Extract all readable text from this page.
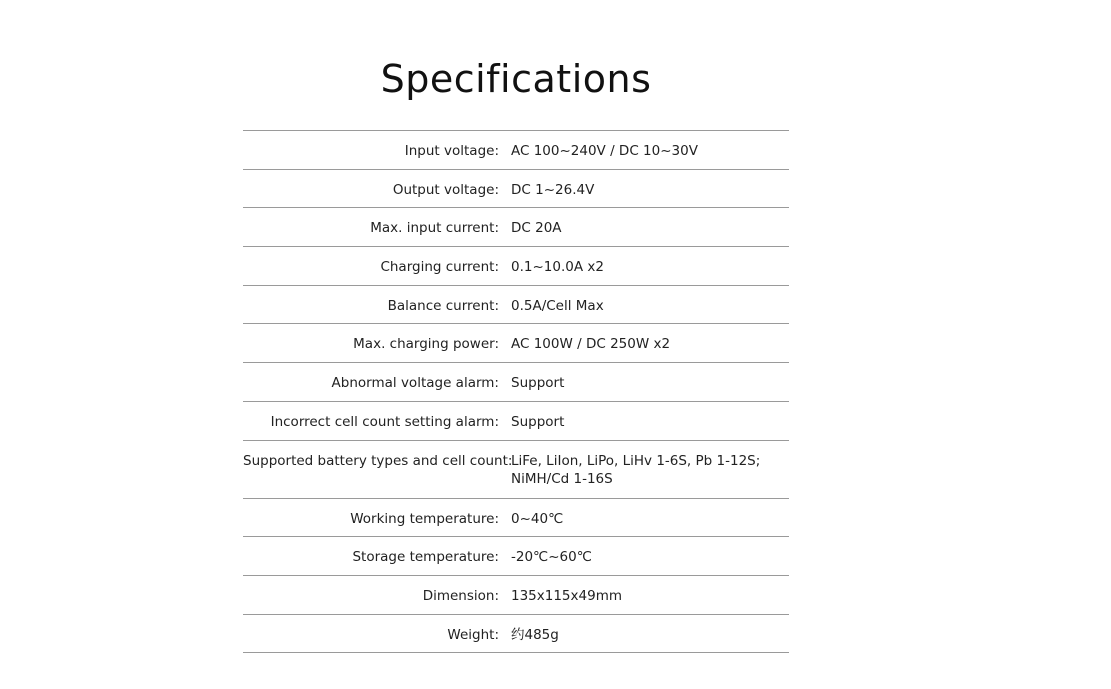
Specifications
Input voltage: AC 100~240V / DC 10~30V
Output voltage: DC 1~26.4V
Max. input current: DC 20A
Charging current: 0.1~10.0A x2
Balance current: 0.5A/Cell Max
Max. charging power: AC 100W / DC 250W x2
Abnormal voltage alarm: Support
Incorrect cell count setting alarm: Support
Supported battery types and cell count:
LiFe, LiIon, LiPo, LiHv 1-6S, Pb 1-12S;
NiMH/Cd 1-16S
Working temperature: 0~40℃
Storage temperature: -20℃~60℃
Dimension: 135x115x49mm
Weight: 约485g
